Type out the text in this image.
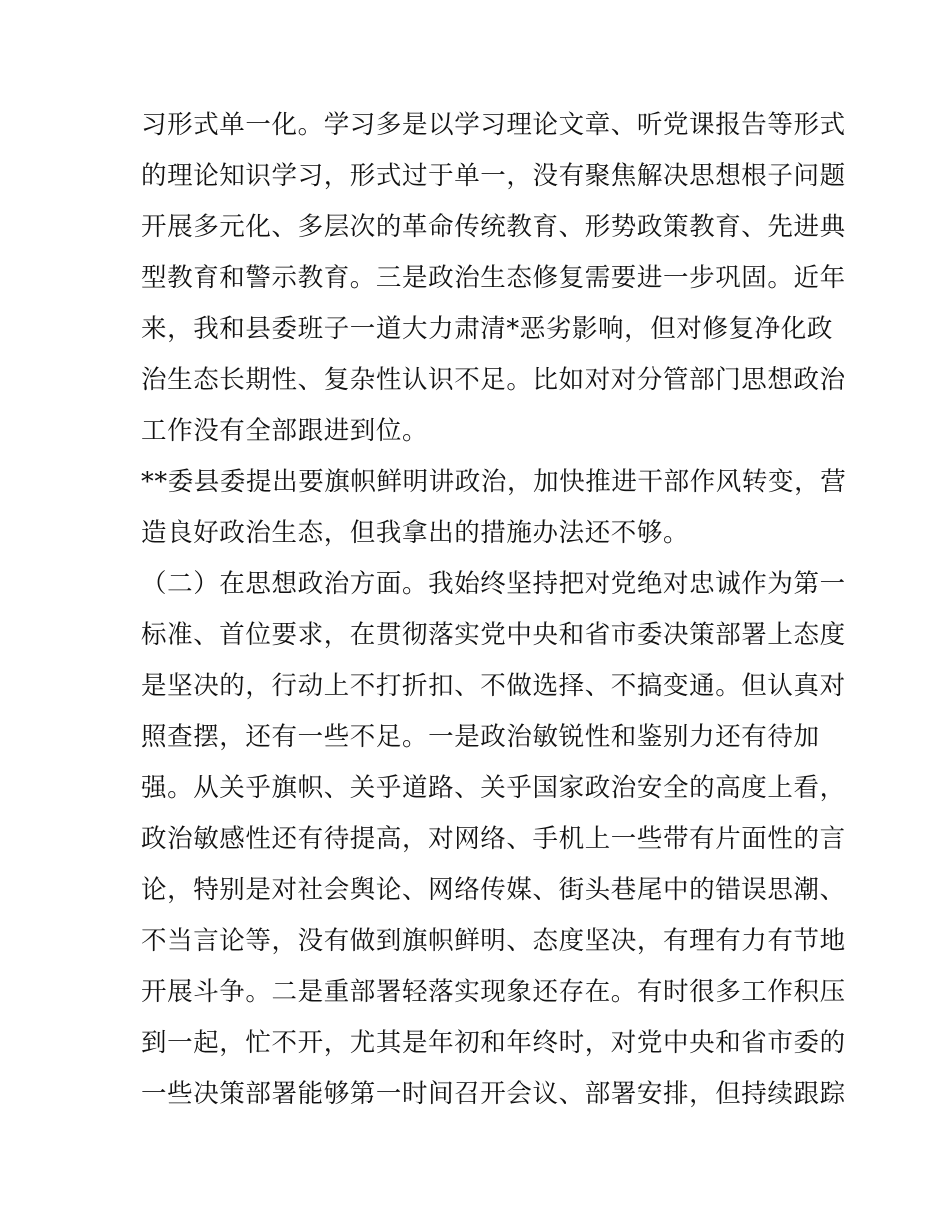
习形式单一化。学习多是以学习理论文章、听党课报告等形式
的理论知识学习，形式过于单一，没有聚焦解决思想根子问题
开展多元化、多层次的革命传统教育、形势政策教育、先进典
型教育和警示教育。三是政治生态修复需要进一步巩固。近年
来，我和县委班子一道大力肃清*恶劣影响，但对修复净化政
治生态长期性、复杂性认识不足。比如对对分管部门思想政治
工作没有全部跟进到位。
**委县委提出要旗帜鲜明讲政治，加快推进干部作风转变，营
造良好政治生态，但我拿出的措施办法还不够。
（二）在思想政治方面。我始终坚持把对党绝对忠诚作为第一
标准、首位要求，在贯彻落实党中央和省市委决策部署上态度
是坚决的，行动上不打折扣、不做选择、不搞变通。但认真对
照查摆，还有一些不足。一是政治敏锐性和鉴别力还有待加
强。从关乎旗帜、关乎道路、关乎国家政治安全的高度上看，
政治敏感性还有待提高，对网络、手机上一些带有片面性的言
论，特别是对社会舆论、网络传媒、街头巷尾中的错误思潮、
不当言论等，没有做到旗帜鲜明、态度坚决，有理有力有节地
开展斗争。二是重部署轻落实现象还存在。有时很多工作积压
到一起，忙不开，尤其是年初和年终时，对党中央和省市委的
一些决策部署能够第一时间召开会议、部署安排，但持续跟踪
